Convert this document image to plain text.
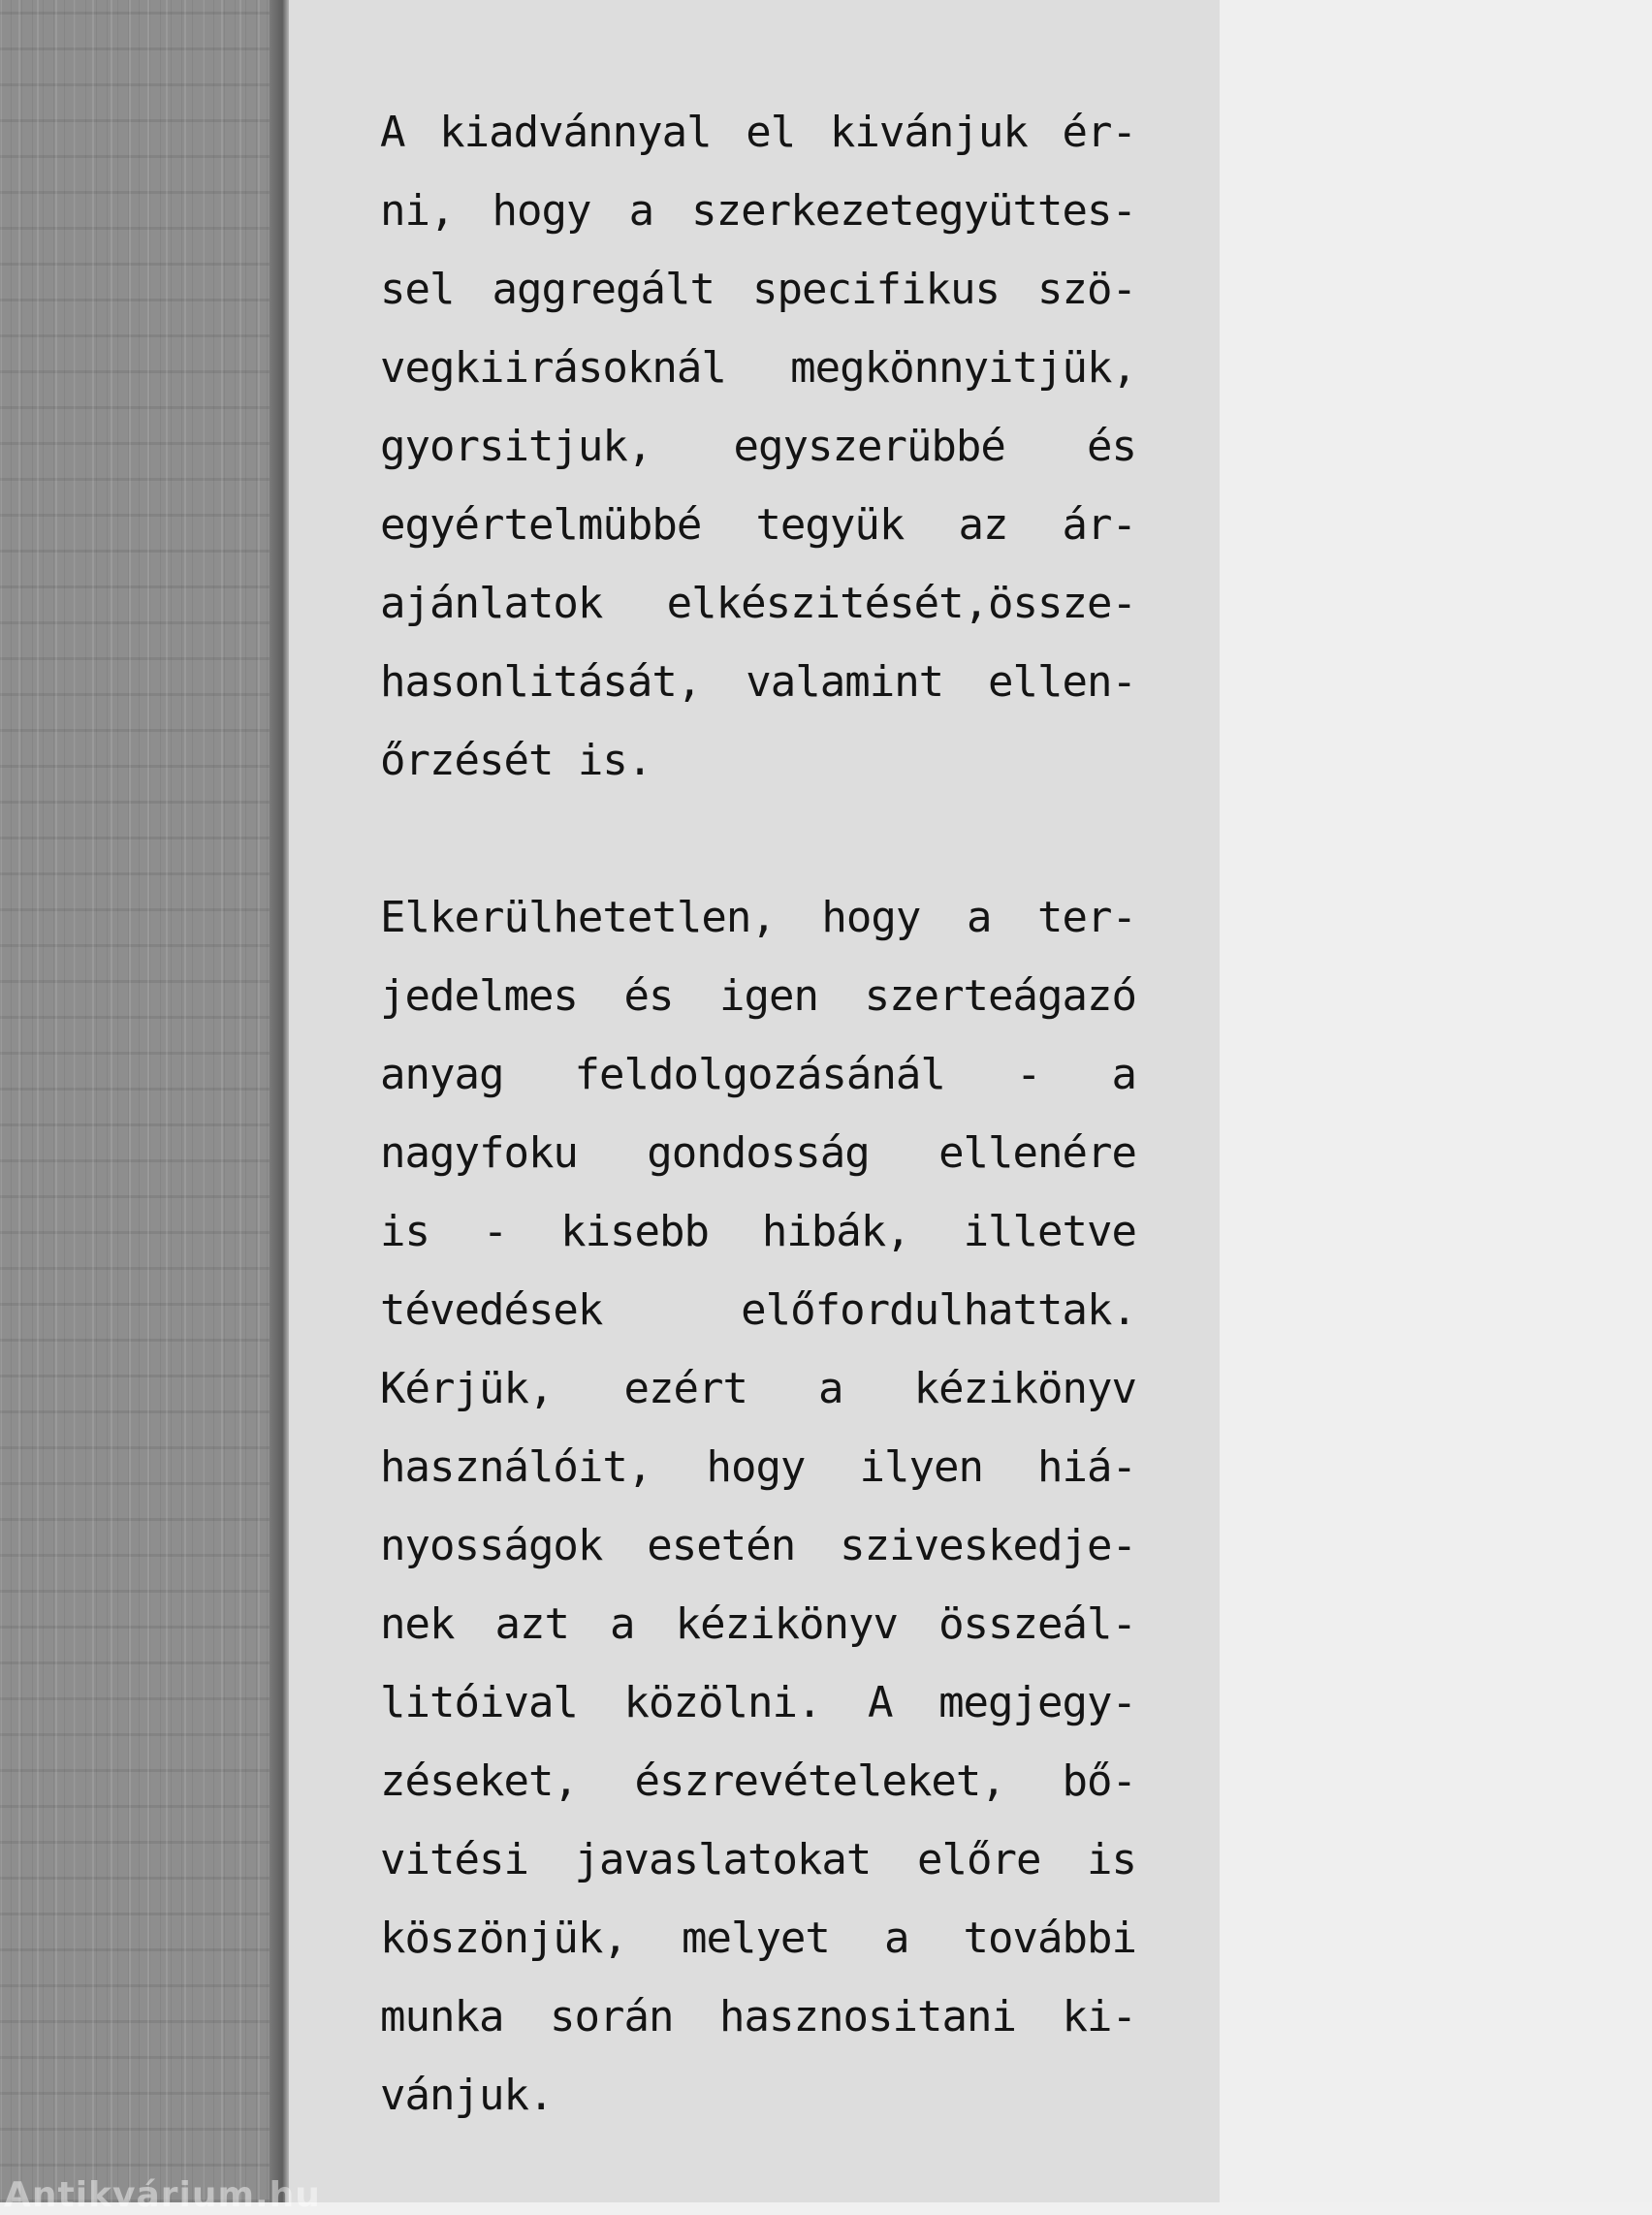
A kiadvánnyal el kivánjuk ér-
ni, hogy a szerkezetegyüttes-
sel aggregált specifikus szö-
vegkiirásoknál megkönnyitjük,
gyorsitjuk, egyszerübbé és
egyértelmübbé tegyük az ár-
ajánlatok elkészitését,össze-
hasonlitását, valamint ellen-
őrzését is.
Elkerülhetetlen, hogy a ter-
jedelmes és igen szerteágazó
anyag feldolgozásánál - a
nagyfoku gondosság ellenére
is - kisebb hibák, illetve
tévedések előfordulhattak.
Kérjük, ezért a kézikönyv
használóit, hogy ilyen hiá-
nyosságok esetén sziveskedje-
nek azt a kézikönyv összeál-
litóival közölni. A megjegy-
zéseket, észrevételeket, bő-
vitési javaslatokat előre is
köszönjük, melyet a további
munka során hasznositani ki-
vánjuk.
Antikvárium.hu
